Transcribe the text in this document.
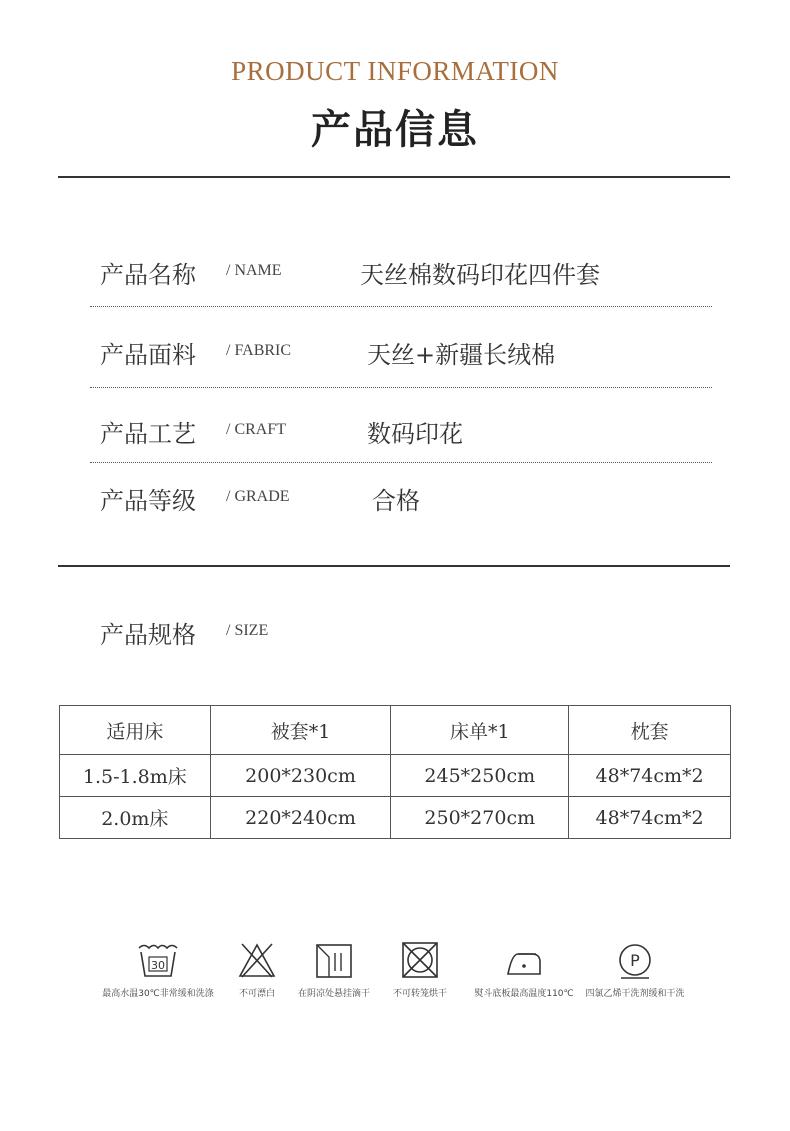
PRODUCT INFORMATION
产品信息
产品名称 / NAME	天丝棉数码印花四件套
产品面料 / FABRIC	天丝+新疆长绒棉
产品工艺 / CRAFT	数码印花
产品等级 / GRADE	合格
产品规格 / SIZE
适用床	被套*1	床单*1	枕套
1.5-1.8m床	200*230cm	245*250cm	48*74cm*2
2.0m床	220*240cm	250*270cm	48*74cm*2
30
最高水温30℃非常缓和洗涤	不可漂白	在阴凉处悬挂滴干	不可转笼烘干	熨斗底板最高温度110℃
P
四氯乙烯干洗剂缓和干洗
